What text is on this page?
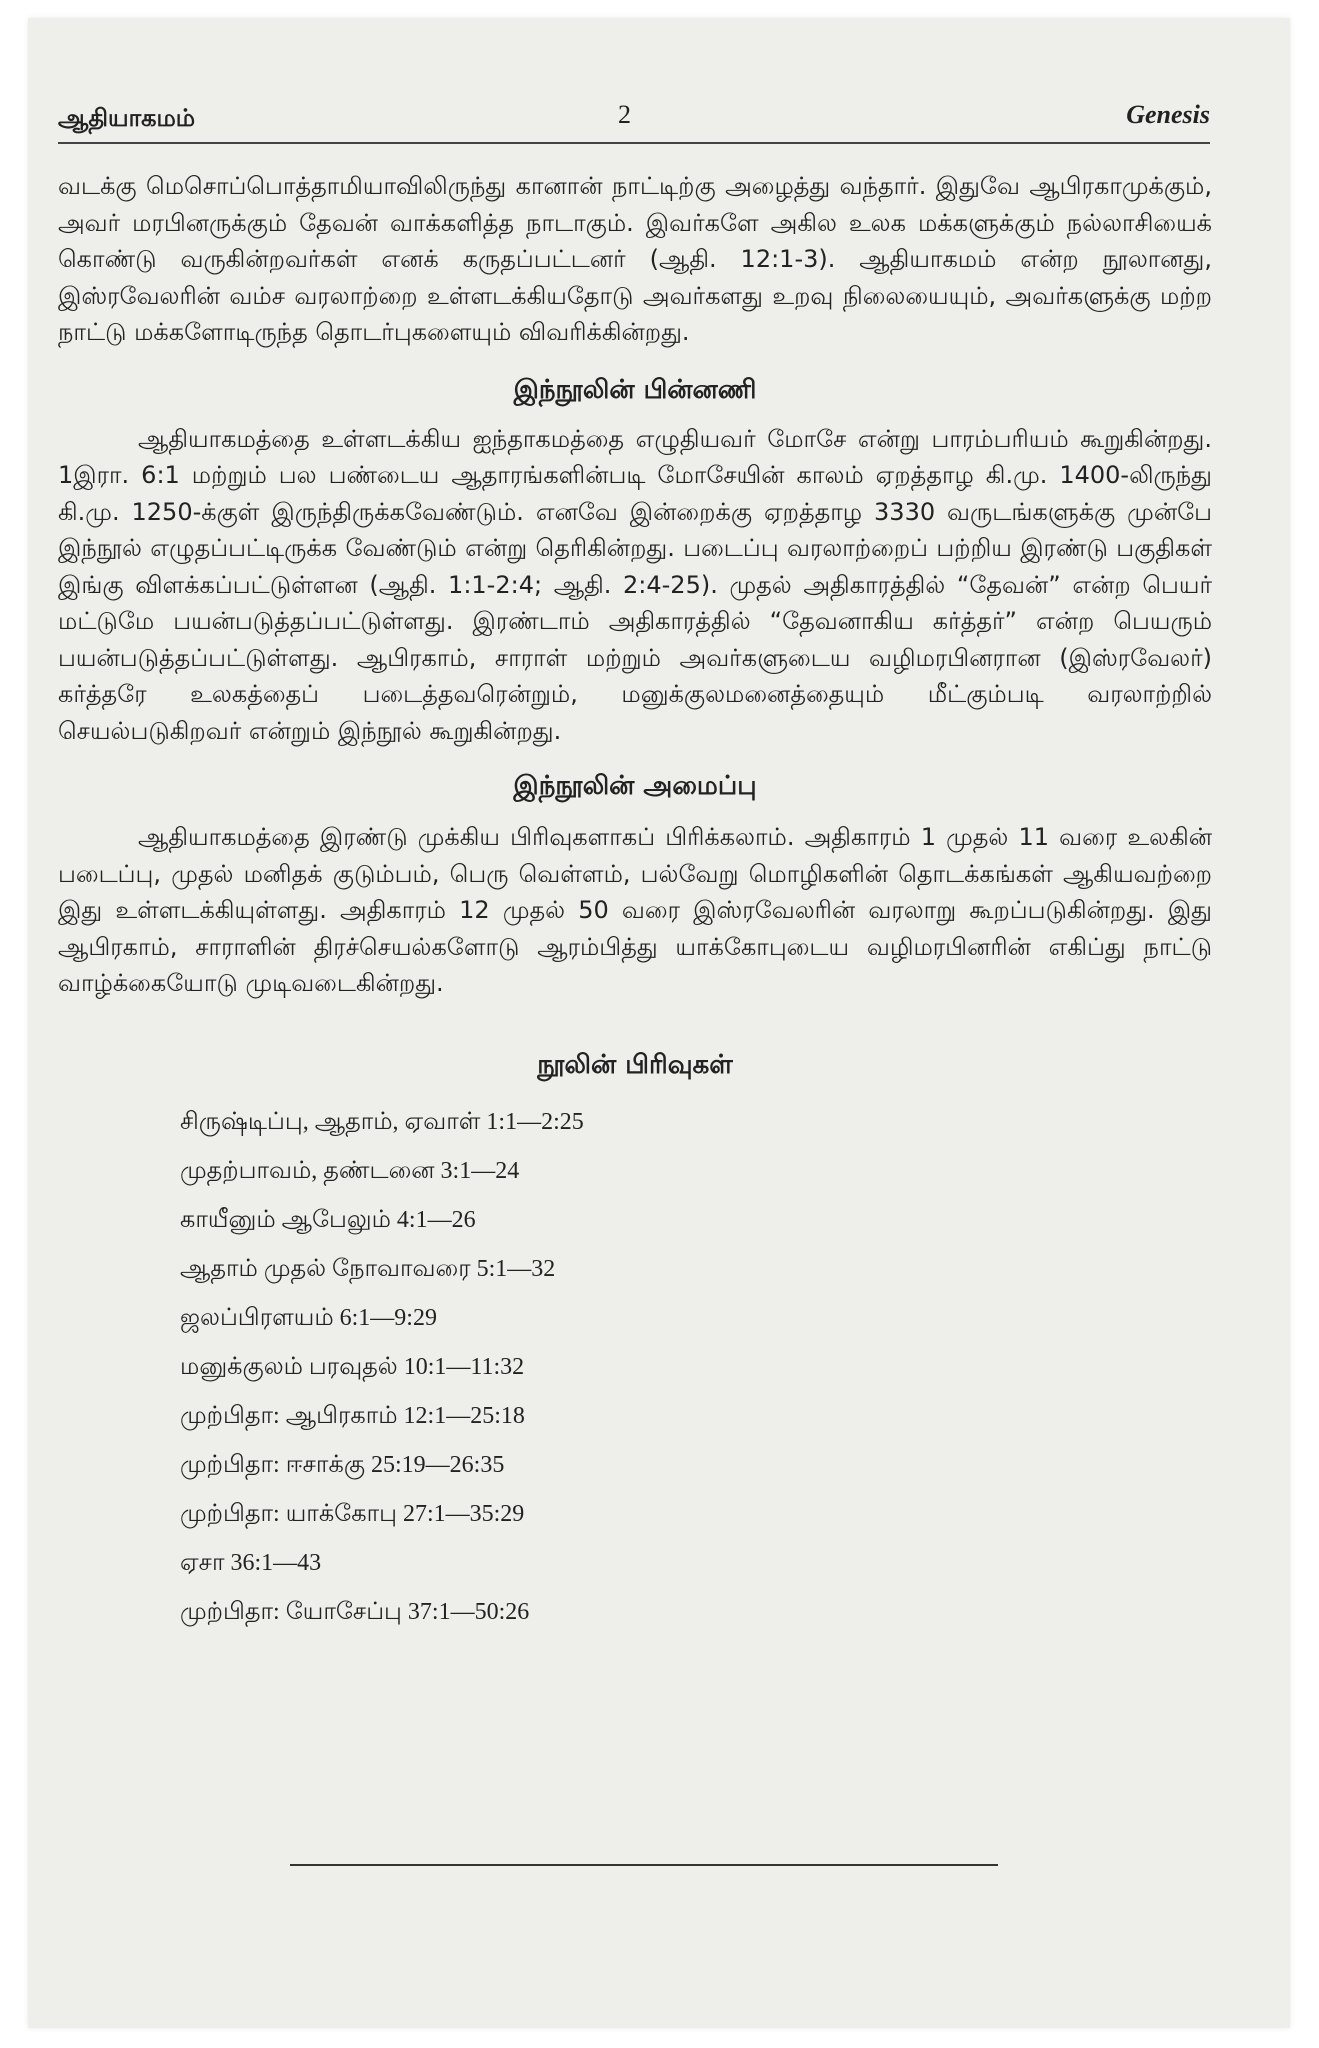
ஆதியாகமம்	2	Genesis

வடக்கு மெசொப்பொத்தாமியாவிலிருந்து கானான் நாட்டிற்கு அழைத்து வந்தார். இதுவே ஆபிரகாமுக்கும், அவர் மரபினருக்கும் தேவன் வாக்களித்த நாடாகும். இவர்களே அகில உலக மக்களுக்கும் நல்லாசியைக் கொண்டு வருகின்றவர்கள் எனக் கருதப்பட்டனர் (ஆதி. 12:1-3). ஆதியாகமம் என்ற நூலானது, இஸ்ரவேலரின் வம்ச வரலாற்றை உள்ளடக்கியதோடு அவர்களது உறவு நிலையையும், அவர்களுக்கு மற்ற நாட்டு மக்களோடிருந்த தொடர்புகளையும் விவரிக்கின்றது.

இந்நூலின் பின்னணி

ஆதியாகமத்தை உள்ளடக்கிய ஐந்தாகமத்தை எழுதியவர் மோசே என்று பாரம்பரியம் கூறுகின்றது. 1இரா. 6:1 மற்றும் பல பண்டைய ஆதாரங்களின்படி மோசேயின் காலம் ஏறத்தாழ கி.மு. 1400-லிருந்து கி.மு. 1250-க்குள் இருந்திருக்கவேண்டும். எனவே இன்றைக்கு ஏறத்தாழ 3330 வருடங்களுக்கு முன்பே இந்நூல் எழுதப்பட்டிருக்க வேண்டும் என்று தெரிகின்றது. படைப்பு வரலாற்றைப் பற்றிய இரண்டு பகுதிகள் இங்கு விளக்கப்பட்டுள்ளன (ஆதி. 1:1-2:4; ஆதி. 2:4-25). முதல் அதிகாரத்தில் “தேவன்” என்ற பெயர் மட்டுமே பயன்படுத்தப்பட்டுள்ளது. இரண்டாம் அதிகாரத்தில் “தேவனாகிய கர்த்தர்” என்ற பெயரும் பயன்படுத்தப்பட்டுள்ளது. ஆபிரகாம், சாராள் மற்றும் அவர்களுடைய வழிமரபினரான (இஸ்ரவேலர்) கர்த்தரே உலகத்தைப் படைத்தவரென்றும், மனுக்குலமனைத்தையும் மீட்கும்படி வரலாற்றில் செயல்படுகிறவர் என்றும் இந்நூல் கூறுகின்றது.

இந்நூலின் அமைப்பு

ஆதியாகமத்தை இரண்டு முக்கிய பிரிவுகளாகப் பிரிக்கலாம். அதிகாரம் 1 முதல் 11 வரை உலகின் படைப்பு, முதல் மனிதக் குடும்பம், பெரு வெள்ளம், பல்வேறு மொழிகளின் தொடக்கங்கள் ஆகியவற்றை இது உள்ளடக்கியுள்ளது. அதிகாரம் 12 முதல் 50 வரை இஸ்ரவேலரின் வரலாறு கூறப்படுகின்றது. இது ஆபிரகாம், சாராளின் திரச்செயல்களோடு ஆரம்பித்து யாக்கோபுடைய வழிமரபினரின் எகிப்து நாட்டு வாழ்க்கையோடு முடிவடைகின்றது.

நூலின் பிரிவுகள்
சிருஷ்டிப்பு, ஆதாம், ஏவாள் 1:1—2:25
முதற்பாவம், தண்டனை 3:1—24
காயீனும் ஆபேலும் 4:1—26
ஆதாம் முதல் நோவாவரை 5:1—32
ஜலப்பிரளயம் 6:1—9:29
மனுக்குலம் பரவுதல் 10:1—11:32
முற்பிதா: ஆபிரகாம் 12:1—25:18
முற்பிதா: ஈசாக்கு 25:19—26:35
முற்பிதா: யாக்கோபு 27:1—35:29
ஏசா 36:1—43
முற்பிதா: யோசேப்பு 37:1—50:26
